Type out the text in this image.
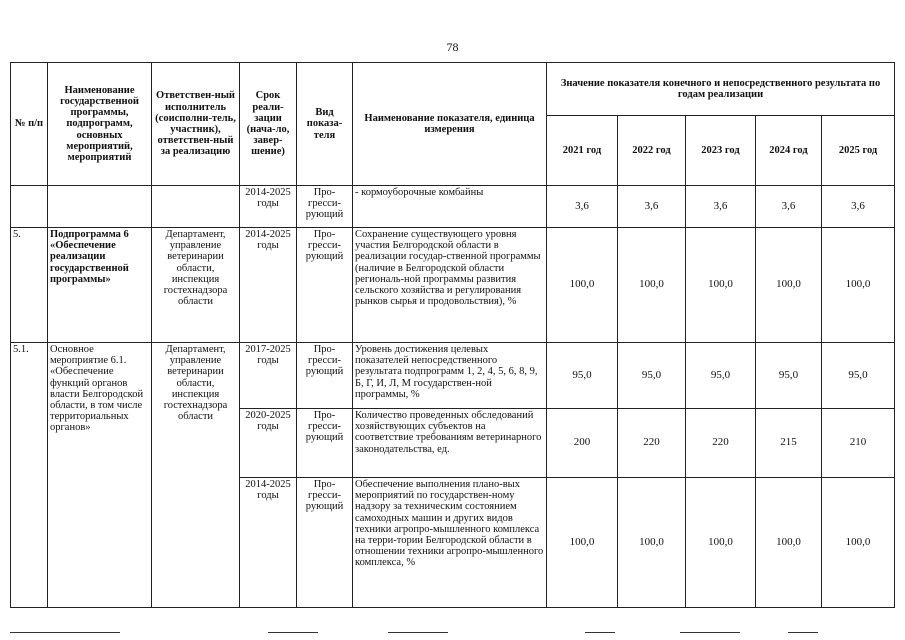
78
№ п/п	Наименование государственной программы, подпрограмм, основных мероприятий, мероприятий	Ответствен-ный исполнитель (соисполни-тель, участник), ответствен-ный за реализацию	Срок реали-зации (нача-ло, завер-шение)	Вид показа-теля	Наименование показателя, единица измерения	Значение показателя конечного и непосредственного результата по годам реализации				
						2021 год	2022 год	2023 год	2024 год	2025 год
			2014-2025 годы	Про-гресси-рующий	- кормоуборочные комбайны	3,6	3,6	3,6	3,6	3,6
5.	Подпрограмма 6 «Обеспечение реализации государственной программы»	Департамент, управление ветеринарии области, инспекция гостехнадзора области	2014-2025 годы	Про-гресси-рующий	Сохранение существующего уровня участия Белгородской области в реализации государ-ственной программы (наличие в Белгородской области региональ-ной программы развития сельского хозяйства и регулирования рынков сырья и продовольствия), %	100,0	100,0	100,0	100,0	100,0
5.1.	Основное мероприятие 6.1. «Обеспечение функций органов власти Белгородской области, в том числе территориальных органов»	Департамент, управление ветеринарии области, инспекция гостехнадзора области	2017-2025 годы	Про-гресси-рующий	Уровень достижения целевых показателей непосредственного результата подпрограмм 1, 2, 4, 5, 6, 8, 9, Б, Г, И, Л, М государствен-ной программы, %	95,0	95,0	95,0	95,0	95,0
			2020-2025 годы	Про-гресси-рующий	Количество проведенных обследований хозяйствующих субъектов на соответствие требованиям ветеринарного законодательства, ед.	200	220	220	215	210
			2014-2025 годы	Про-гресси-рующий	Обеспечение выполнения плано-вых мероприятий по государствен-ному надзору за техническим состоянием самоходных машин и других видов техники агропро-мышленного комплекса на терри-тории Белгородской области в отношении техники агропро-мышленного комплекса, %	100,0	100,0	100,0	100,0	100,0
